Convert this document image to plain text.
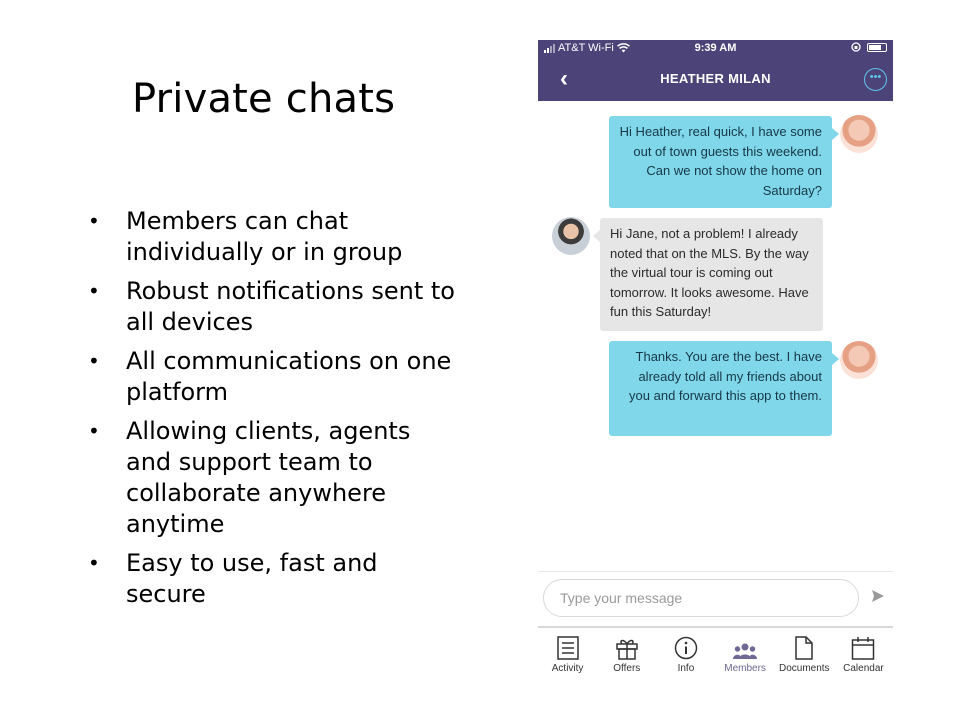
Private chats
• Members can chat individually or in group
• Robust notifications sent to all devices
• All communications on one platform
• Allowing clients, agents and support team to collaborate anywhere anytime
• Easy to use, fast and secure
AT&T Wi-Fi	9:39 AM
‹	HEATHER MILAN	•••
Hi Heather, real quick, I have some out of town guests this weekend. Can we not show the home on Saturday?
Hi Jane, not a problem! I already noted that on the MLS. By the way the virtual tour is coming out tomorrow. It looks awesome. Have fun this Saturday!
Thanks. You are the best. I have already told all my friends about you and forward this app to them.
Type your message
Activity	Offers	Info	Members	Documents	Calendar
